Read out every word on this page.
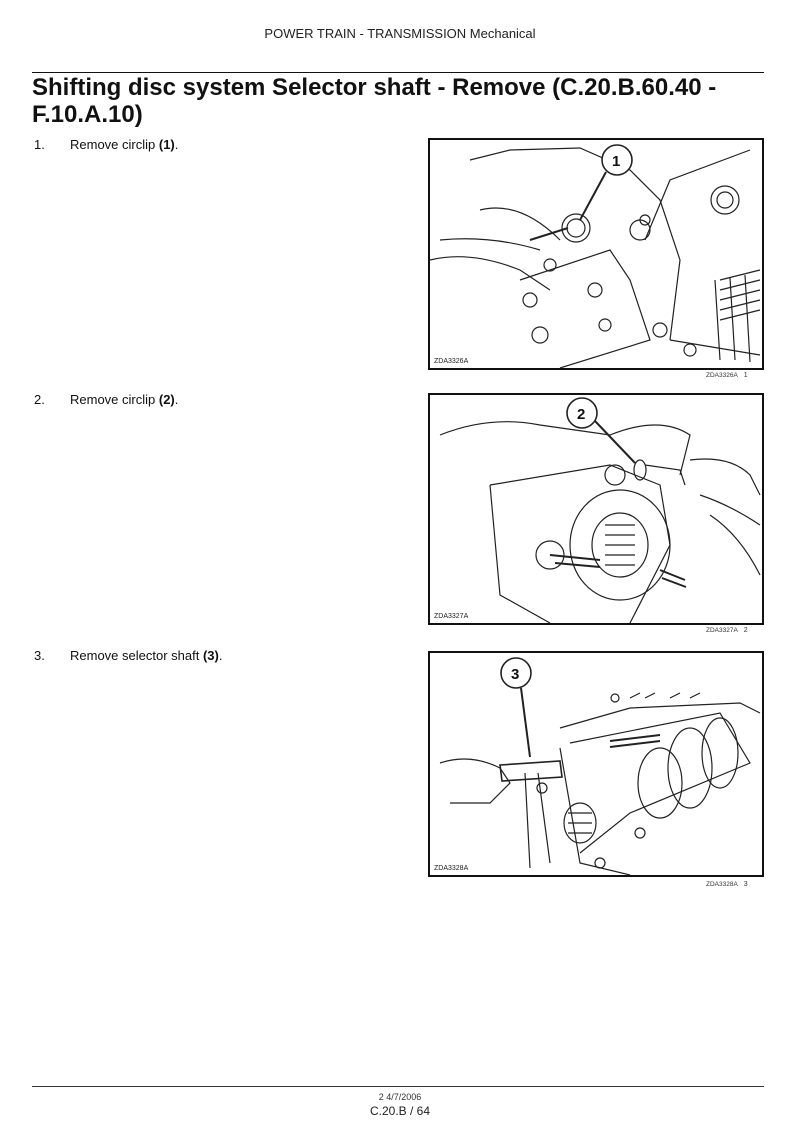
POWER TRAIN - TRANSMISSION Mechanical
Shifting disc system Selector shaft - Remove (C.20.B.60.40 -
F.10.A.10)
1. Remove circlip (1).
1
ZDA3326A
ZDA3326A 1
2. Remove circlip (2).
2
ZDA3327A
ZDA3327A 2
3. Remove selector shaft (3).
3
ZDA3328A
ZDA3328A 3
2 4/7/2006
C.20.B / 64
